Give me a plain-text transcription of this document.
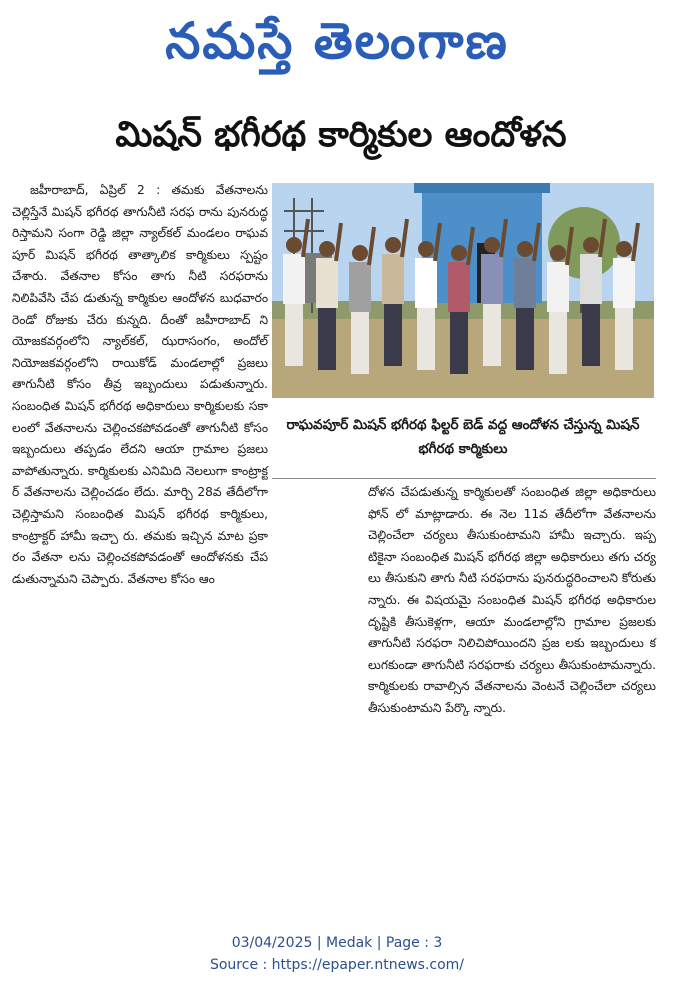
నమస్తే తెలంగాణ
మిషన్ భగీరథ కార్మికుల ఆందోళన

జహీరాబాద్, ఏప్రిల్ 2 : తమకు వేతనాలను చెల్లిస్తేనే మిషన్ భగీరథ తాగునీటి సరఫ రాను పునరుద్ధరిస్తామని సంగా రెడ్డి జిల్లా న్యాల్‌కల్ మండలం రాఘవపూర్ మిషన్ భగీరథ తాత్కాలిక కార్మికులు స్పష్టం చేశారు. వేతనాల కోసం తాగు నీటి సరఫరాను నిలిపివేసి చేప డుతున్న కార్మికుల ఆందోళన బుధవారం రెండో రోజుకు చేరు కున్నది. దీంతో జహీరాబాద్ ని యోజకవర్గంలోని న్యాల్‌కల్, ఝరాసంగం, అందోల్ నియోజకవర్గంలోని రాయికోడ్ మండలాల్లో ప్రజలు తాగునీటి కోసం తీవ్ర ఇబ్బందులు పడుతున్నారు. సంబంధిత మిషన్ భగీరథ అధికారులు కార్మికులకు సకా లంలో వేతనాలను చెల్లించకపోవడంతో తాగునీటి కోసం ఇబ్బందులు తప్పడం లేదని ఆయా గ్రామాల ప్రజలు వాపోతున్నారు. కార్మికులకు ఎనిమిది నెలలుగా కాంట్రాక్టర్ వేతనాలను చెల్లించడం లేదు. మార్చి 28వ తేదీలోగా చెల్లిస్తామని సంబంధిత మిషన్ భగీరథ కార్మికులు, కాంట్రాక్టర్ హామీ ఇచ్చా రు. తమకు ఇచ్చిన మాట ప్రకా రం వేతనా లను చెల్లించకపోవడంతో ఆందోళనకు చేప డుతున్నామని చెప్పారు. వేతనాల కోసం ఆం

రాఘవపూర్ మిషన్ భగీరథ ఫిల్టర్ బెడ్ వద్ద ఆందోళన చేస్తున్న మిషన్ భగీరథ కార్మికులు

దోళన చేపడుతున్న కార్మికులతో సంబంధిత జిల్లా అధికారులు ఫోన్ లో మాట్లాడారు. ఈ నెల 11వ తేదీలోగా వేతనాలను చెల్లించేలా చర్యలు తీసుకుంటామని హామీ ఇచ్చారు. ఇప్పటికైనా సంబంధిత మిషన్ భగీరథ జిల్లా అధికారులు తగు చర్యలు తీసుకుని తాగు నీటి సరఫరాను పునరుద్ధరించాలని కోరుతు న్నారు. ఈ విషయమై సంబంధిత మిషన్ భగీరథ అధికారుల దృష్టికి తీసుకెళ్లగా, ఆయా మండలాల్లోని గ్రామాల ప్రజలకు తాగునీటి సరఫరా నిలిచిపోయిందని ప్రజ లకు ఇబ్బందులు కలుగకుండా తాగునీటి సరఫరాకు చర్యలు తీసుకుంటామన్నారు. కార్మికులకు రావాల్సిన వేతనాలను వెంటనే చెల్లించేలా చర్యలు తీసుకుంటామని పేర్కొ న్నారు.

03/04/2025 | Medak | Page : 3
Source : https://epaper.ntnews.com/
